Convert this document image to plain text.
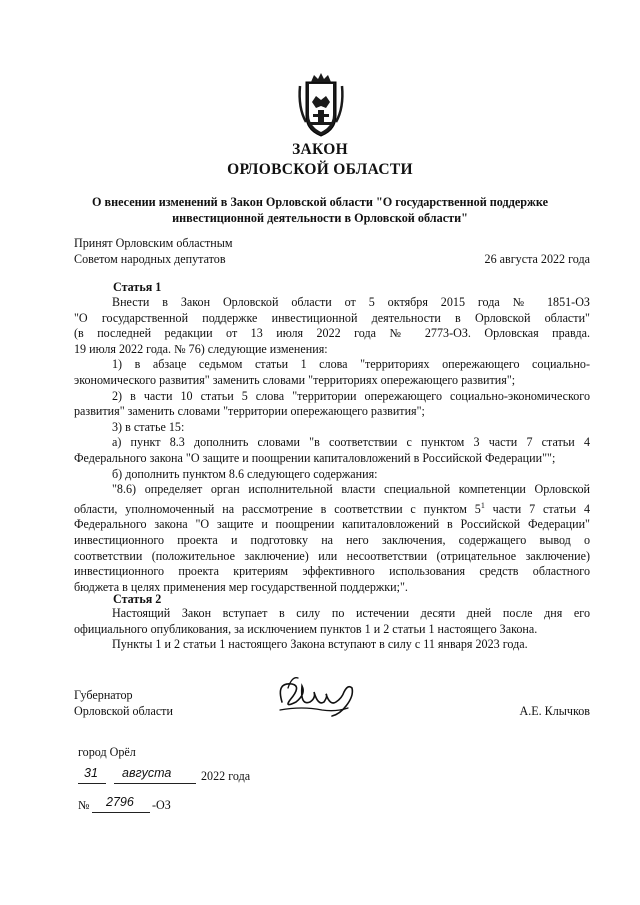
ЗАКОН
ОРЛОВСКОЙ ОБЛАСТИ
О внесении изменений в Закон Орловской области "О государственной поддержке
инвестиционной деятельности в Орловской области"
Принят Орловским областным
Советом народных депутатов	26 августа 2022 года
Статья 1
Внести в Закон Орловской области от 5 октября 2015 года № 1851-ОЗ
"О государственной поддержке инвестиционной деятельности в Орловской области"
(в последней редакции от 13 июля 2022 года № 2773-ОЗ. Орловская правда.
19 июля 2022 года. № 76) следующие изменения:
1) в абзаце седьмом статьи 1 слова "территориях опережающего социально-
экономического развития" заменить словами "территориях опережающего развития";
2) в части 10 статьи 5 слова "территории опережающего социально-экономического
развития" заменить словами "территории опережающего развития";
3) в статье 15:
а) пункт 8.3 дополнить словами "в соответствии с пунктом 3 части 7 статьи 4
Федерального закона "О защите и поощрении капиталовложений в Российской Федерации"";
б) дополнить пунктом 8.6 следующего содержания:
"8.6) определяет орган исполнительной власти специальной компетенции Орловской
области, уполномоченный на рассмотрение в соответствии с пунктом $5^1$ части 7 статьи 4
Федерального закона "О защите и поощрении капиталовложений в Российской Федерации"
инвестиционного проекта и подготовку на него заключения, содержащего вывод о
соответствии (положительное заключение) или несоответствии (отрицательное заключение)
инвестиционного проекта критериям эффективного использования средств областного
бюджета в целях применения мер государственной поддержки;".
Статья 2
Настоящий Закон вступает в силу по истечении десяти дней после дня его
официального опубликования, за исключением пунктов 1 и 2 статьи 1 настоящего Закона.
Пункты 1 и 2 статьи 1 настоящего Закона вступают в силу с 11 января 2023 года.
Губернатор
Орловской области	А.Е. Клычков
город Орёл
31 августа 2022 года
№ 2796 -ОЗ
